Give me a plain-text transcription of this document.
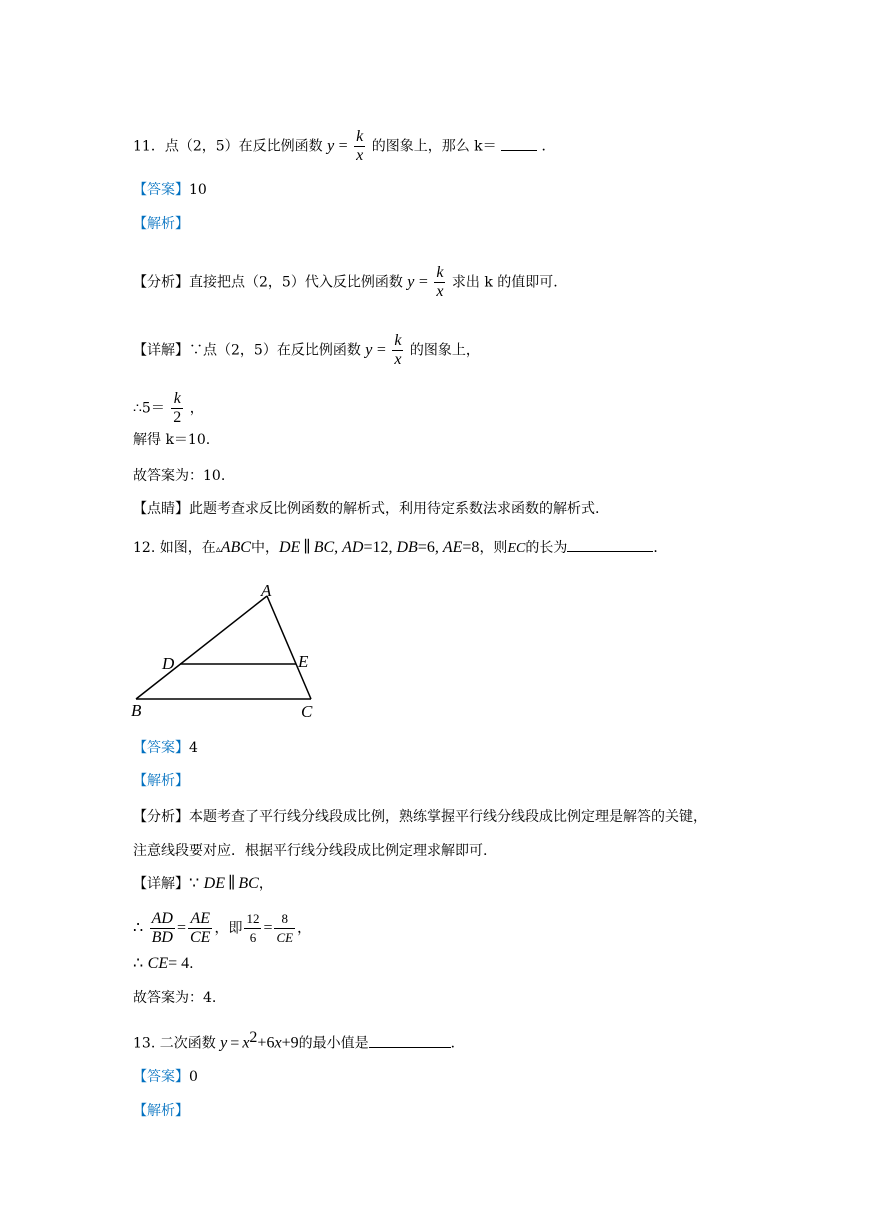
11．点（2，5）在反比例函数 $y = \frac{k}{x}$ 的图象上，那么 k＝	．
【答案】10
【解析】
【分析】直接把点（2，5）代入反比例函数 $y = \frac{k}{x}$ 求出 k 的值即可.
【详解】∵点（2，5）在反比例函数 $y = \frac{k}{x}$ 的图象上，
∴5＝ $\frac{k}{2}$ ，
解得 k＝10.
故答案为：10.
【点睛】此题考查求反比例函数的解析式，利用待定系数法求函数的解析式.
12. 如图，在▵ABC中，DE ∥ BC, AD=12, DB=6, AE=8，则EC的长为	．
A
B	C
D	E
【答案】4
【解析】
【分析】本题考查了平行线分线段成比例，熟练掌握平行线分线段成比例定理是解答的关键，
注意线段要对应．根据平行线分线段成比例定理求解即可.
【详解】∵ DE ∥ BC，
∴ $\frac{AD}{BD} = \frac{AE}{CE}$ ，即 $\frac{12}{6} = \frac{8}{CE}$ ，
∴ CE= 4.
故答案为：4.
13. 二次函数 $y = x^2+6x+9$的最小值是	．
【答案】0
【解析】
